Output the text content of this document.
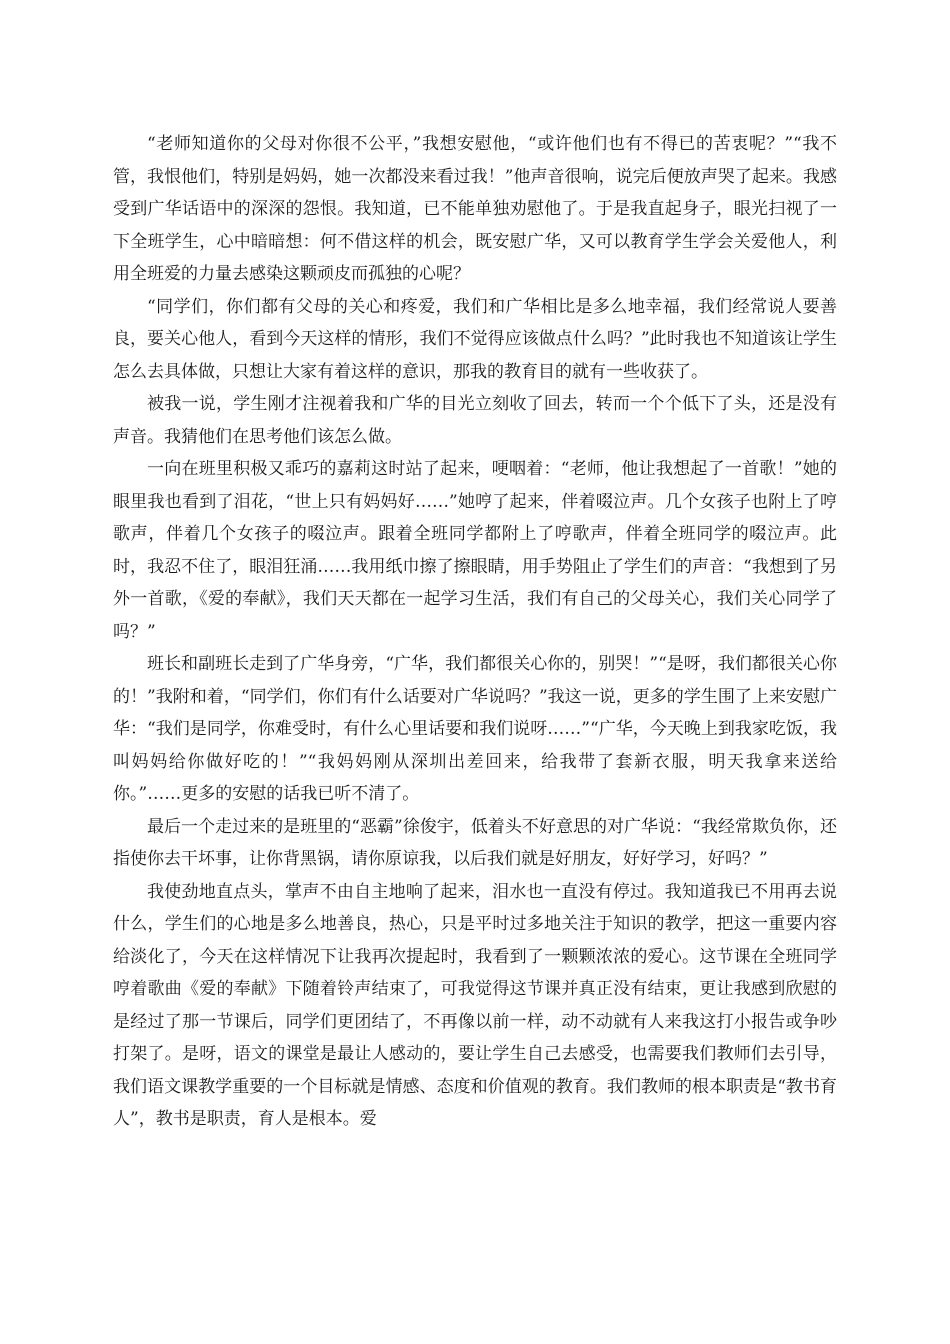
“老师知道你的父母对你很不公平，”我想安慰他，“或许他们也有不得已的苦衷呢？”“我不管，我恨他们，特别是妈妈，她一次都没来看过我！”他声音很响，说完后便放声哭了起来。我感受到广华话语中的深深的怨恨。我知道，已不能单独劝慰他了。于是我直起身子，眼光扫视了一下全班学生，心中暗暗想：何不借这样的机会，既安慰广华，又可以教育学生学会关爱他人，利用全班爱的力量去感染这颗顽皮而孤独的心呢？

“同学们，你们都有父母的关心和疼爱，我们和广华相比是多么地幸福，我们经常说人要善良，要关心他人，看到今天这样的情形，我们不觉得应该做点什么吗？”此时我也不知道该让学生怎么去具体做，只想让大家有着这样的意识，那我的教育目的就有一些收获了。

被我一说，学生刚才注视着我和广华的目光立刻收了回去，转而一个个低下了头，还是没有声音。我猜他们在思考他们该怎么做。

一向在班里积极又乖巧的嘉莉这时站了起来，哽咽着：“老师，他让我想起了一首歌！”她的眼里我也看到了泪花，“世上只有妈妈好……”她哼了起来，伴着啜泣声。几个女孩子也附上了哼歌声，伴着几个女孩子的啜泣声。跟着全班同学都附上了哼歌声，伴着全班同学的啜泣声。此时，我忍不住了，眼泪狂涌……我用纸巾擦了擦眼睛，用手势阻止了学生们的声音：“我想到了另外一首歌，《爱的奉献》，我们天天都在一起学习生活，我们有自己的父母关心，我们关心同学了吗？”

班长和副班长走到了广华身旁，“广华，我们都很关心你的，别哭！”“是呀，我们都很关心你的！”我附和着，“同学们，你们有什么话要对广华说吗？”我这一说，更多的学生围了上来安慰广华：“我们是同学，你难受时，有什么心里话要和我们说呀……”“广华，今天晚上到我家吃饭，我叫妈妈给你做好吃的！”“我妈妈刚从深圳出差回来，给我带了套新衣服，明天我拿来送给你。”……更多的安慰的话我已听不清了。

最后一个走过来的是班里的“恶霸”徐俊宇，低着头不好意思的对广华说：“我经常欺负你，还指使你去干坏事，让你背黑锅，请你原谅我，以后我们就是好朋友，好好学习，好吗？”

我使劲地直点头，掌声不由自主地响了起来，泪水也一直没有停过。我知道我已不用再去说什么，学生们的心地是多么地善良，热心，只是平时过多地关注于知识的教学，把这一重要内容给淡化了，今天在这样情况下让我再次提起时，我看到了一颗颗浓浓的爱心。这节课在全班同学哼着歌曲《爱的奉献》下随着铃声结束了，可我觉得这节课并真正没有结束，更让我感到欣慰的是经过了那一节课后，同学们更团结了，不再像以前一样，动不动就有人来我这打小报告或争吵打架了。是呀，语文的课堂是最让人感动的，要让学生自己去感受，也需要我们教师们去引导，我们语文课教学重要的一个目标就是情感、态度和价值观的教育。我们教师的根本职责是“教书育人”，教书是职责，育人是根本。爱
